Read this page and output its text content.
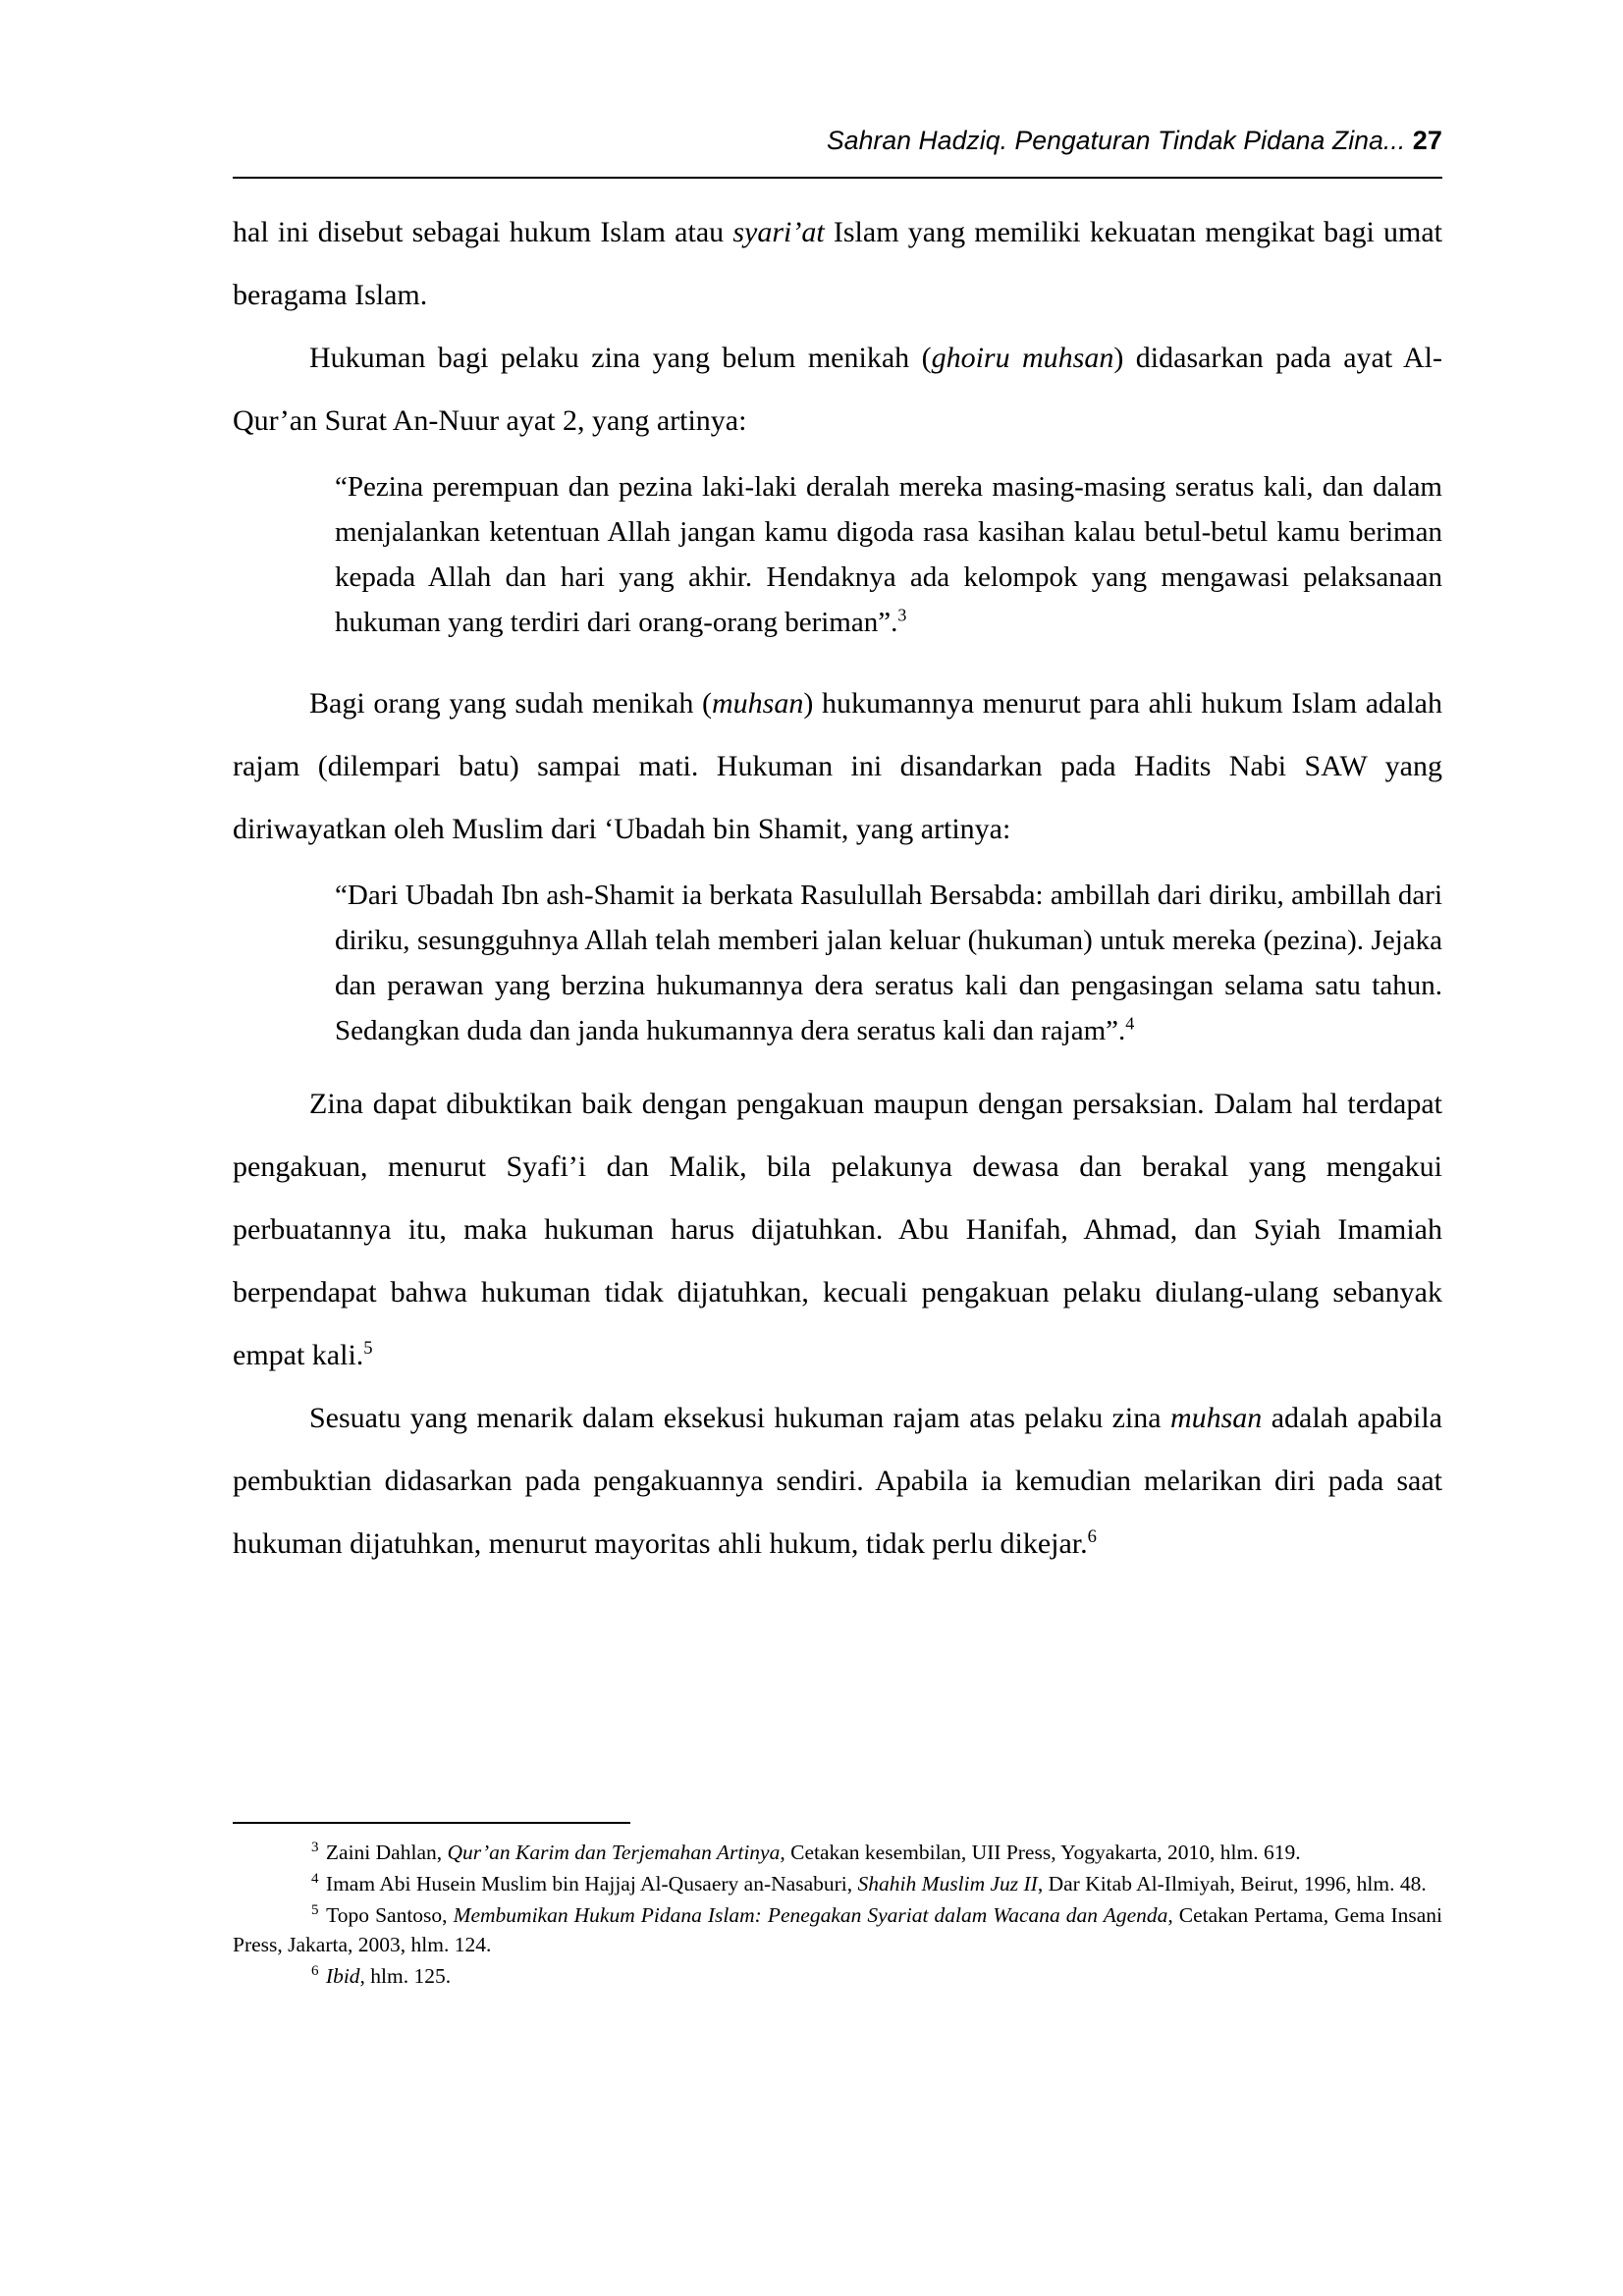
Sahran Hadziq. Pengaturan Tindak Pidana Zina... 27

hal ini disebut sebagai hukum Islam atau syari’at Islam yang memiliki kekuatan mengikat bagi umat beragama Islam.

Hukuman bagi pelaku zina yang belum menikah (ghoiru muhsan) didasarkan pada ayat Al-Qur’an Surat An-Nuur ayat 2, yang artinya:

“Pezina perempuan dan pezina laki-laki deralah mereka masing-masing seratus kali, dan dalam menjalankan ketentuan Allah jangan kamu digoda rasa kasihan kalau betul-betul kamu beriman kepada Allah dan hari yang akhir. Hendaknya ada kelompok yang mengawasi pelaksanaan hukuman yang terdiri dari orang-orang beriman”.$^3$

Bagi orang yang sudah menikah (muhsan) hukumannya menurut para ahli hukum Islam adalah rajam (dilempari batu) sampai mati. Hukuman ini disandarkan pada Hadits Nabi SAW yang diriwayatkan oleh Muslim dari ‘Ubadah bin Shamit, yang artinya:

“Dari Ubadah Ibn ash-Shamit ia berkata Rasulullah Bersabda: ambillah dari diriku, ambillah dari diriku, sesungguhnya Allah telah memberi jalan keluar (hukuman) untuk mereka (pezina). Jejaka dan perawan yang berzina hukumannya dera seratus kali dan pengasingan selama satu tahun. Sedangkan duda dan janda hukumannya dera seratus kali dan rajam”.$^4$

Zina dapat dibuktikan baik dengan pengakuan maupun dengan persaksian. Dalam hal terdapat pengakuan, menurut Syafi’i dan Malik, bila pelakunya dewasa dan berakal yang mengakui perbuatannya itu, maka hukuman harus dijatuhkan. Abu Hanifah, Ahmad, dan Syiah Imamiah berpendapat bahwa hukuman tidak dijatuhkan, kecuali pengakuan pelaku diulang-ulang sebanyak empat kali.$^5$

Sesuatu yang menarik dalam eksekusi hukuman rajam atas pelaku zina muhsan adalah apabila pembuktian didasarkan pada pengakuannya sendiri. Apabila ia kemudian melarikan diri pada saat hukuman dijatuhkan, menurut mayoritas ahli hukum, tidak perlu dikejar.$^6$

$^3$ Zaini Dahlan, Qur’an Karim dan Terjemahan Artinya, Cetakan kesembilan, UII Press, Yogyakarta, 2010, hlm. 619.

$^4$ Imam Abi Husein Muslim bin Hajjaj Al-Qusaery an-Nasaburi, Shahih Muslim Juz II, Dar Kitab Al-Ilmiyah, Beirut, 1996, hlm. 48.

$^5$ Topo Santoso, Membumikan Hukum Pidana Islam: Penegakan Syariat dalam Wacana dan Agenda, Cetakan Pertama, Gema Insani Press, Jakarta, 2003, hlm. 124.

$^6$ Ibid, hlm. 125.
